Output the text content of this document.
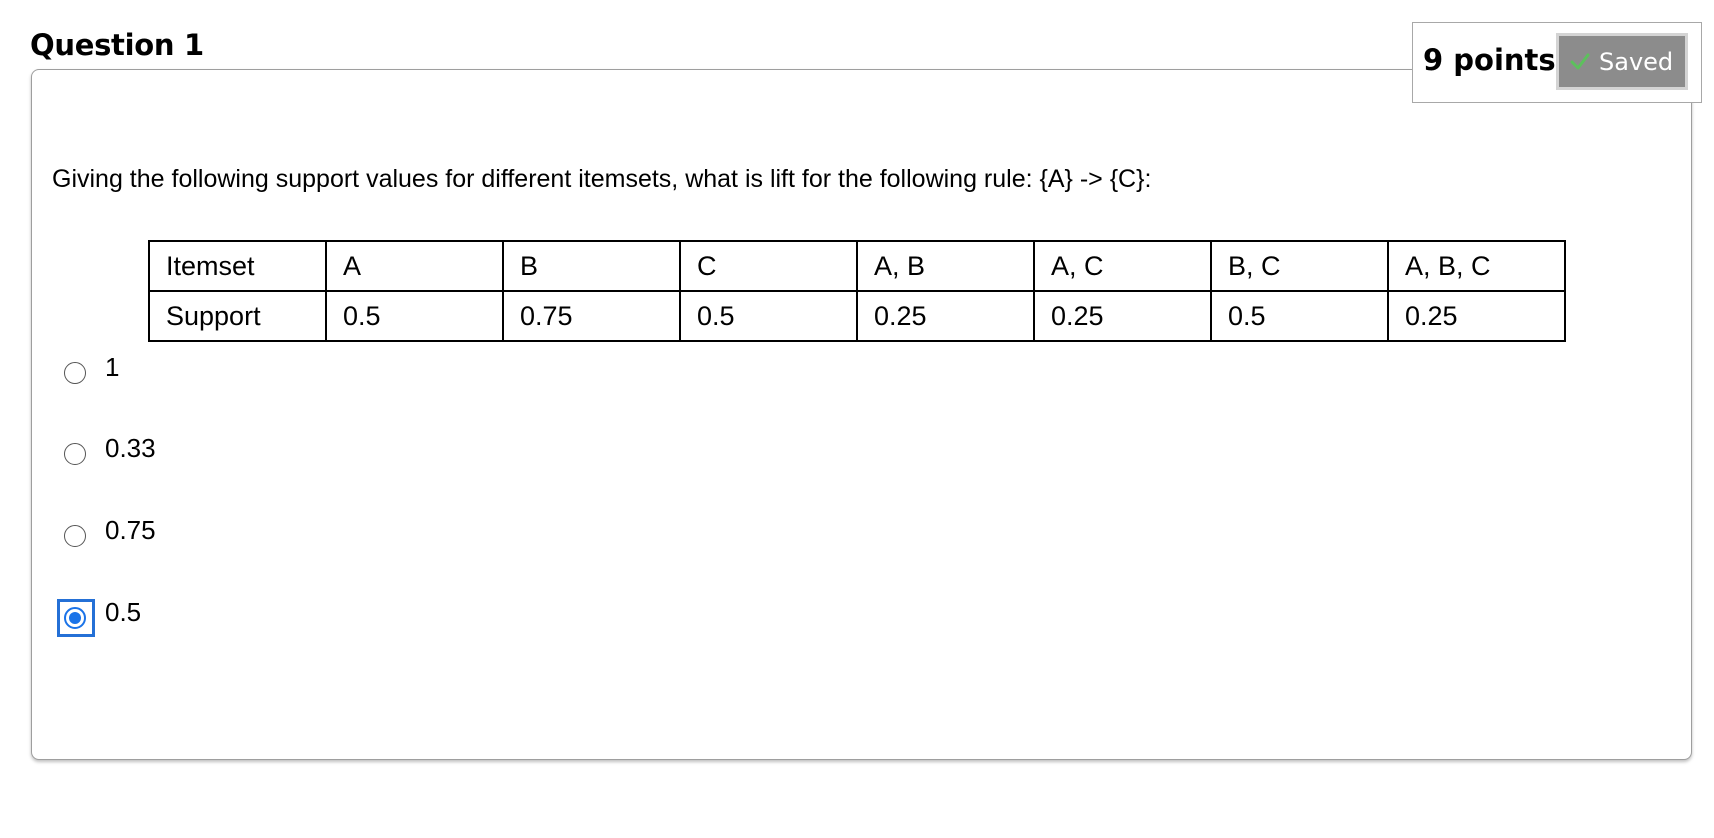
Question 1	9 points Saved

Giving the following support values for different itemsets, what is lift for the following rule: {A} -> {C}:

Itemset	A	B	C	A, B	A, C	B, C	A, B, C
Support	0.5	0.75	0.5	0.25	0.25	0.5	0.25
1
0.33
0.75
0.5
